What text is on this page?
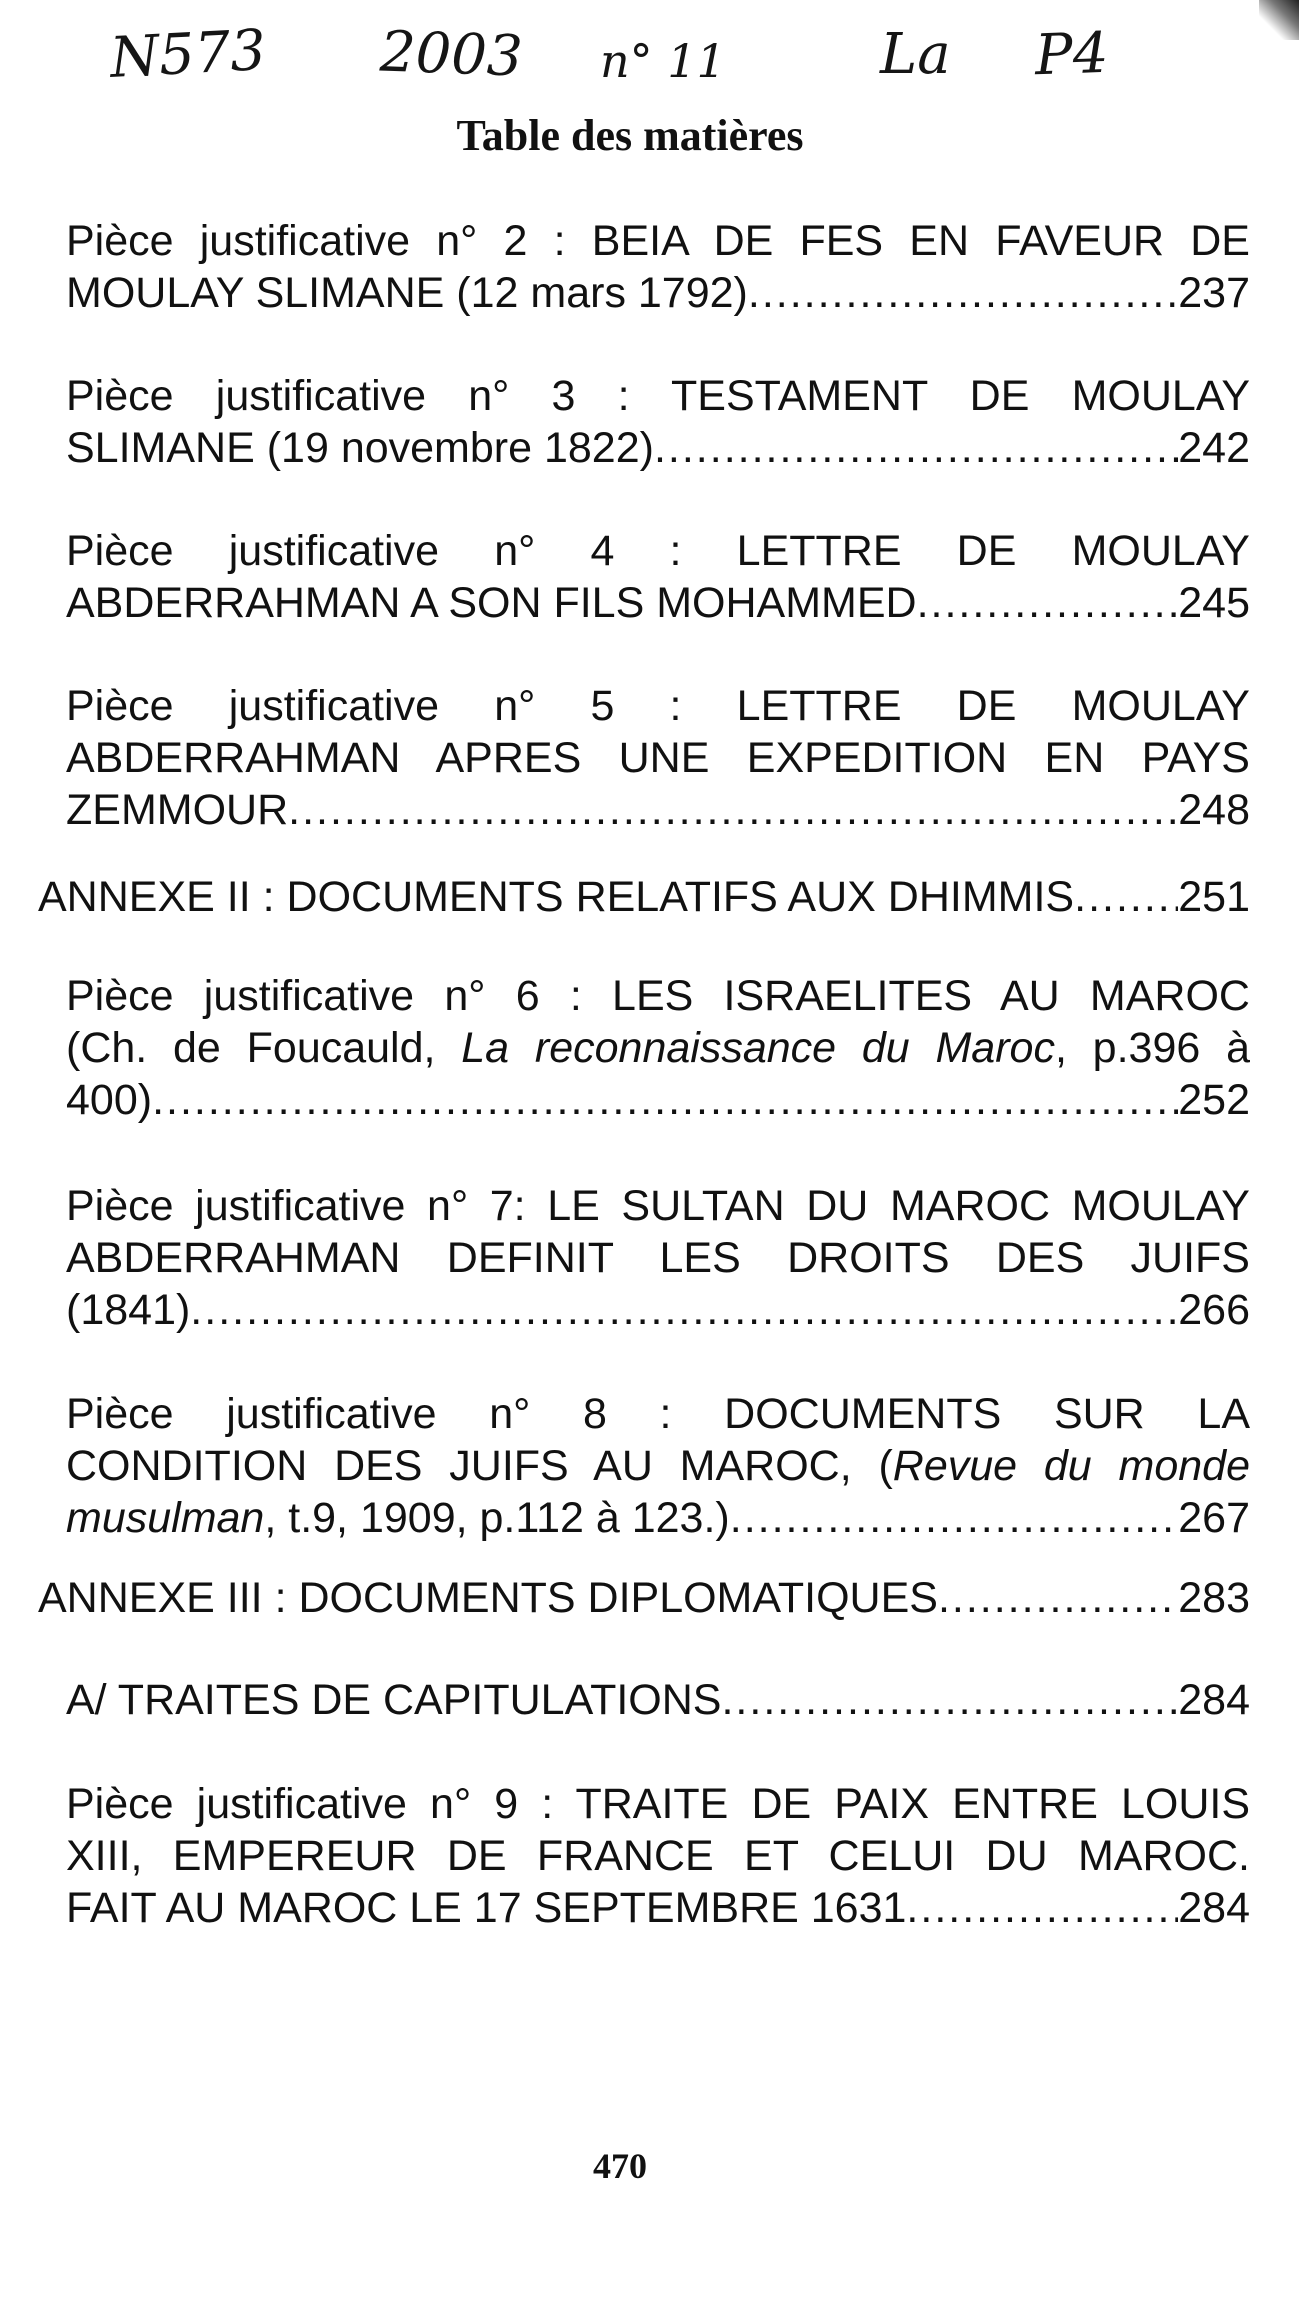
N573 2003 n° 11	La P4
Table des matières
Pièce justificative n° 2 : BEIA DE FES EN FAVEUR DE
MOULAY SLIMANE (12 mars 1792) .....	237
Pièce justificative n° 3 : TESTAMENT DE MOULAY
SLIMANE (19 novembre 1822) .....	242
Pièce justificative n° 4 : LETTRE DE MOULAY
ABDERRAHMAN A SON FILS MOHAMMED .....	245
Pièce justificative n° 5 : LETTRE DE MOULAY
ABDERRAHMAN APRES UNE EXPEDITION EN PAYS
ZEMMOUR .....	248
ANNEXE II : DOCUMENTS RELATIFS AUX DHIMMIS ..... 251
Pièce justificative n° 6 : LES ISRAELITES AU MAROC
(Ch. de Foucauld, La reconnaissance du Maroc, p.396 à
400) .....	252
Pièce justificative n° 7: LE SULTAN DU MAROC MOULAY
ABDERRAHMAN DEFINIT LES DROITS DES JUIFS
(1841) .....	266
Pièce justificative n° 8 : DOCUMENTS SUR LA
CONDITION DES JUIFS AU MAROC, (Revue du monde
musulman, t.9, 1909, p.112 à 123.) .....	267
ANNEXE III : DOCUMENTS DIPLOMATIQUES .....	283
A/ TRAITES DE CAPITULATIONS .....	284
Pièce justificative n° 9 : TRAITE DE PAIX ENTRE LOUIS
XIII, EMPEREUR DE FRANCE ET CELUI DU MAROC.
FAIT AU MAROC LE 17 SEPTEMBRE 1631 .....	284
470
